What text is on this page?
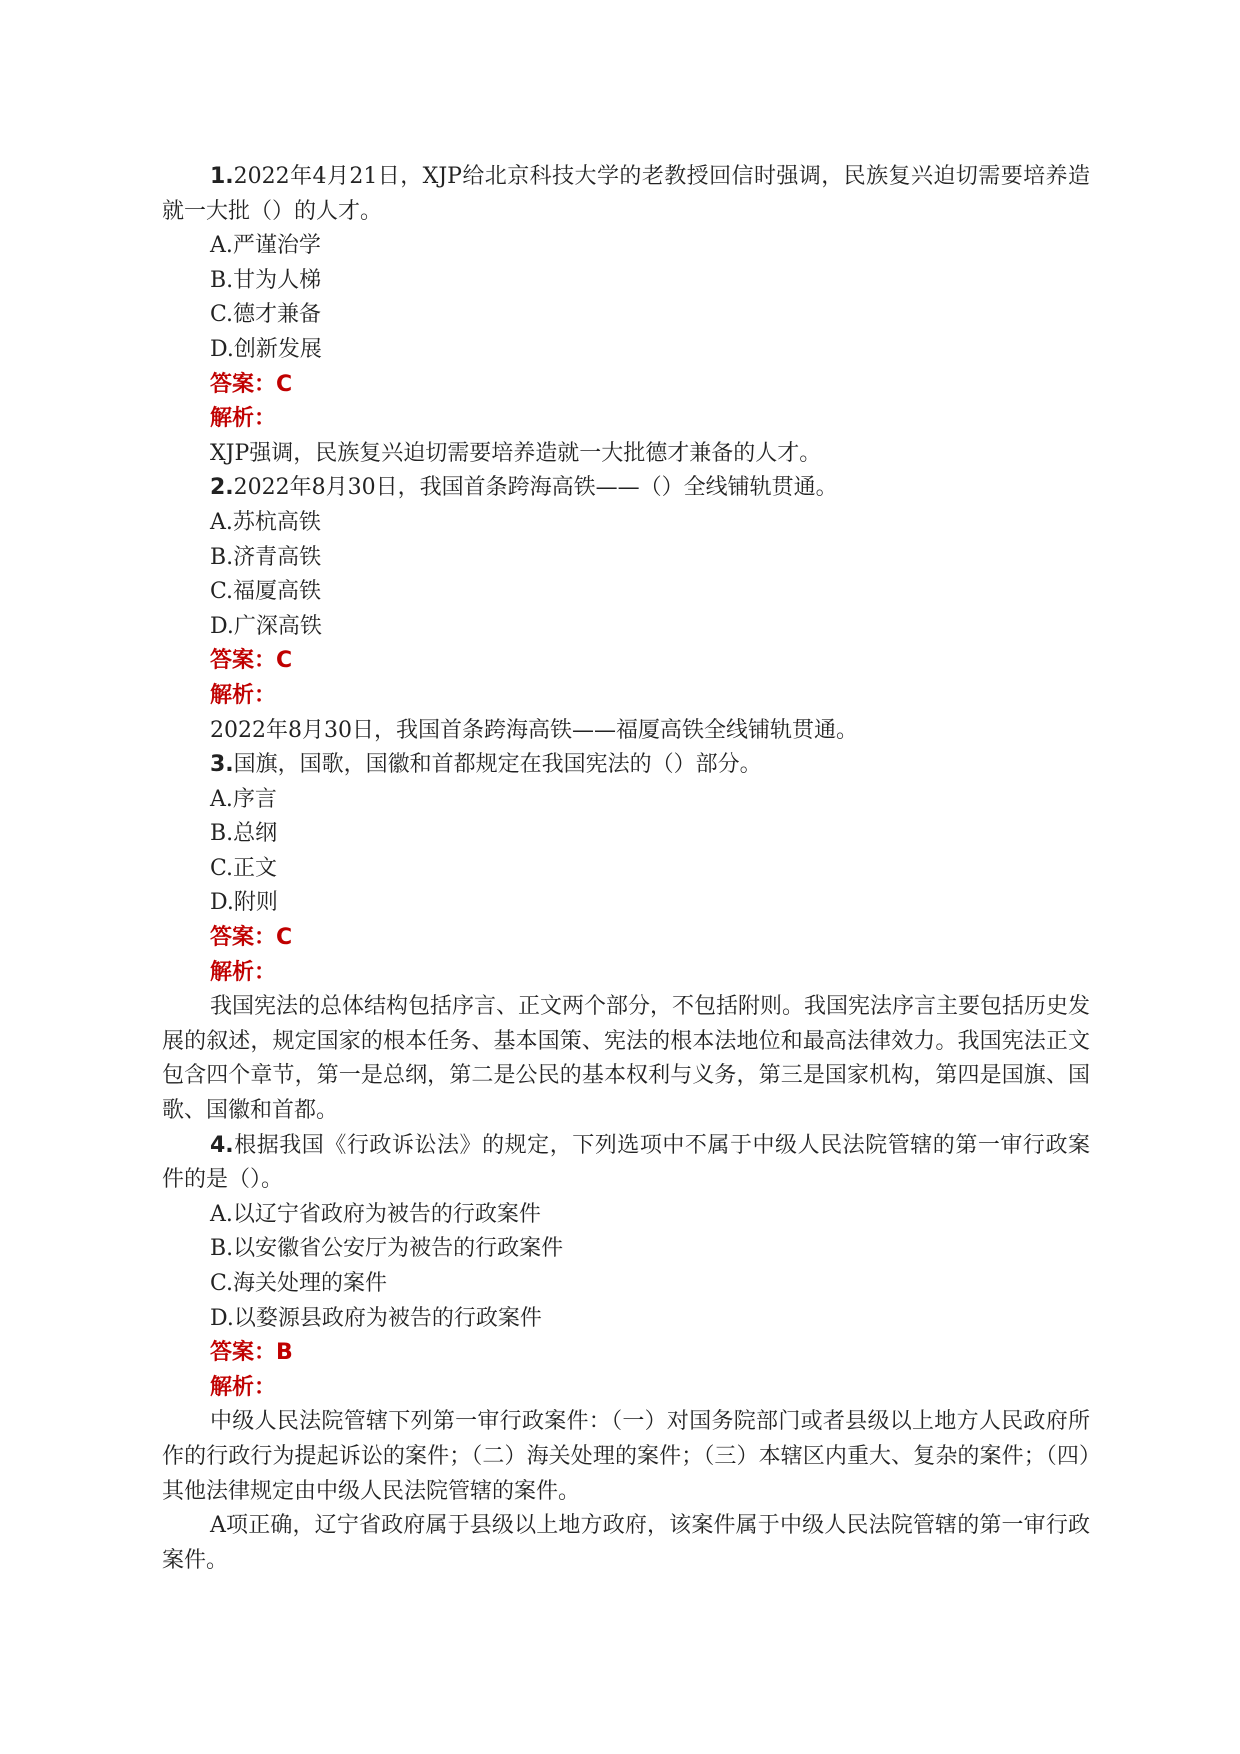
1.2022年4月21日，XJP给北京科技大学的老教授回信时强调，民族复兴迫切需要培养造就一大批（）的人才。

A.严谨治学

B.甘为人梯

C.德才兼备

D.创新发展

答案：C

解析：

XJP强调，民族复兴迫切需要培养造就一大批德才兼备的人才。

2.2022年8月30日，我国首条跨海高铁——（）全线铺轨贯通。

A.苏杭高铁

B.济青高铁

C.福厦高铁

D.广深高铁

答案：C

解析：

2022年8月30日，我国首条跨海高铁——福厦高铁全线铺轨贯通。

3.国旗，国歌，国徽和首都规定在我国宪法的（）部分。

A.序言

B.总纲

C.正文

D.附则

答案：C

解析：

我国宪法的总体结构包括序言、正文两个部分，不包括附则。我国宪法序言主要包括历史发展的叙述，规定国家的根本任务、基本国策、宪法的根本法地位和最高法律效力。我国宪法正文包含四个章节，第一是总纲，第二是公民的基本权利与义务，第三是国家机构，第四是国旗、国歌、国徽和首都。

4.根据我国《行政诉讼法》的规定，下列选项中不属于中级人民法院管辖的第一审行政案件的是（）。

A.以辽宁省政府为被告的行政案件

B.以安徽省公安厅为被告的行政案件

C.海关处理的案件

D.以婺源县政府为被告的行政案件

答案：B

解析：

中级人民法院管辖下列第一审行政案件：（一）对国务院部门或者县级以上地方人民政府所作的行政行为提起诉讼的案件；（二）海关处理的案件；（三）本辖区内重大、复杂的案件；（四）其他法律规定由中级人民法院管辖的案件。

A项正确，辽宁省政府属于县级以上地方政府，该案件属于中级人民法院管辖的第一审行政案件。
